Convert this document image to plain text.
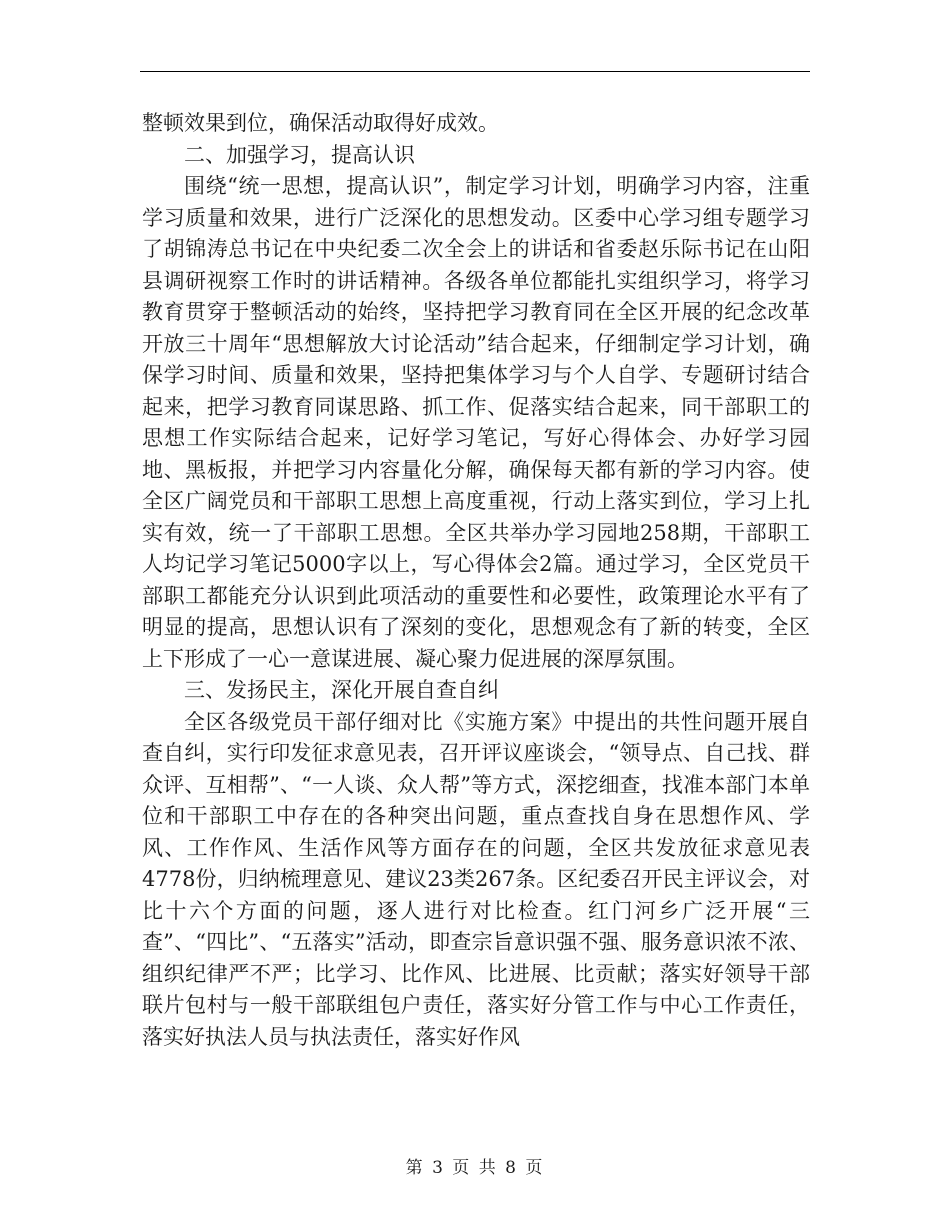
整顿效果到位，确保活动取得好成效。

二、加强学习，提高认识

围绕“统一思想，提高认识”，制定学习计划，明确学习内容，注重学习质量和效果，进行广泛深化的思想发动。区委中心学习组专题学习了胡锦涛总书记在中央纪委二次全会上的讲话和省委赵乐际书记在山阳县调研视察工作时的讲话精神。各级各单位都能扎实组织学习，将学习教育贯穿于整顿活动的始终，坚持把学习教育同在全区开展的纪念改革开放三十周年“思想解放大讨论活动”结合起来，仔细制定学习计划，确保学习时间、质量和效果，坚持把集体学习与个人自学、专题研讨结合起来，把学习教育同谋思路、抓工作、促落实结合起来，同干部职工的思想工作实际结合起来，记好学习笔记，写好心得体会、办好学习园地、黑板报，并把学习内容量化分解，确保每天都有新的学习内容。使全区广阔党员和干部职工思想上高度重视，行动上落实到位，学习上扎实有效，统一了干部职工思想。全区共举办学习园地258期，干部职工人均记学习笔记5000字以上，写心得体会2篇。通过学习，全区党员干部职工都能充分认识到此项活动的重要性和必要性，政策理论水平有了明显的提高，思想认识有了深刻的变化，思想观念有了新的转变，全区上下形成了一心一意谋进展、凝心聚力促进展的深厚氛围。

三、发扬民主，深化开展自查自纠

全区各级党员干部仔细对比《实施方案》中提出的共性问题开展自查自纠，实行印发征求意见表，召开评议座谈会，“领导点、自己找、群众评、互相帮”、“一人谈、众人帮”等方式，深挖细查，找准本部门本单位和干部职工中存在的各种突出问题，重点查找自身在思想作风、学风、工作作风、生活作风等方面存在的问题，全区共发放征求意见表4778份，归纳梳理意见、建议23类267条。区纪委召开民主评议会，对比十六个方面的问题，逐人进行对比检查。红门河乡广泛开展“三查”、“四比”、“五落实”活动，即查宗旨意识强不强、服务意识浓不浓、组织纪律严不严；比学习、比作风、比进展、比贡献；落实好领导干部联片包村与一般干部联组包户责任，落实好分管工作与中心工作责任，落实好执法人员与执法责任，落实好作风

第 3 页 共 8 页
